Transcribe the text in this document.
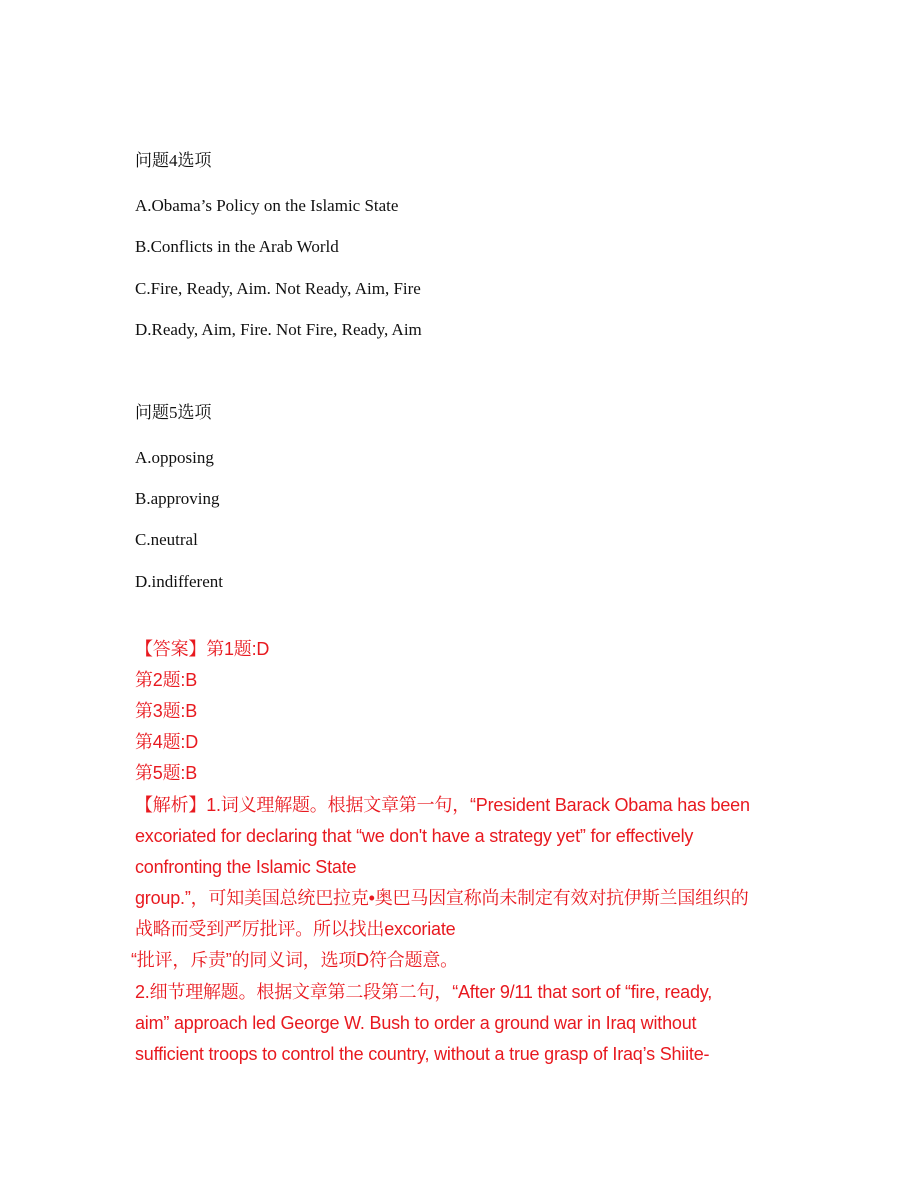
问题4选项
A.Obama’s Policy on the Islamic State
B.Conflicts in the Arab World
C.Fire, Ready, Aim. Not Ready, Aim, Fire
D.Ready, Aim, Fire. Not Fire, Ready, Aim
问题5选项
A.opposing
B.approving
C.neutral
D.indifferent
【答案】第1题:D
第2题:B
第3题:B
第4题:D
第5题:B
【解析】1.词义理解题。根据文章第一句，“President Barack Obama has been
excoriated for declaring that “we don't have a strategy yet” for effectively
confronting the Islamic State
group.”，可知美国总统巴拉克•奥巴马因宣称尚未制定有效对抗伊斯兰国组织的
战略而受到严厉批评。所以找出excoriate
“批评，斥责”的同义词，选项D符合题意。
2.细节理解题。根据文章第二段第二句，“After 9/11 that sort of “fire, ready,
aim” approach led George W. Bush to order a ground war in Iraq without
sufficient troops to control the country, without a true grasp of Iraq’s Shiite-
